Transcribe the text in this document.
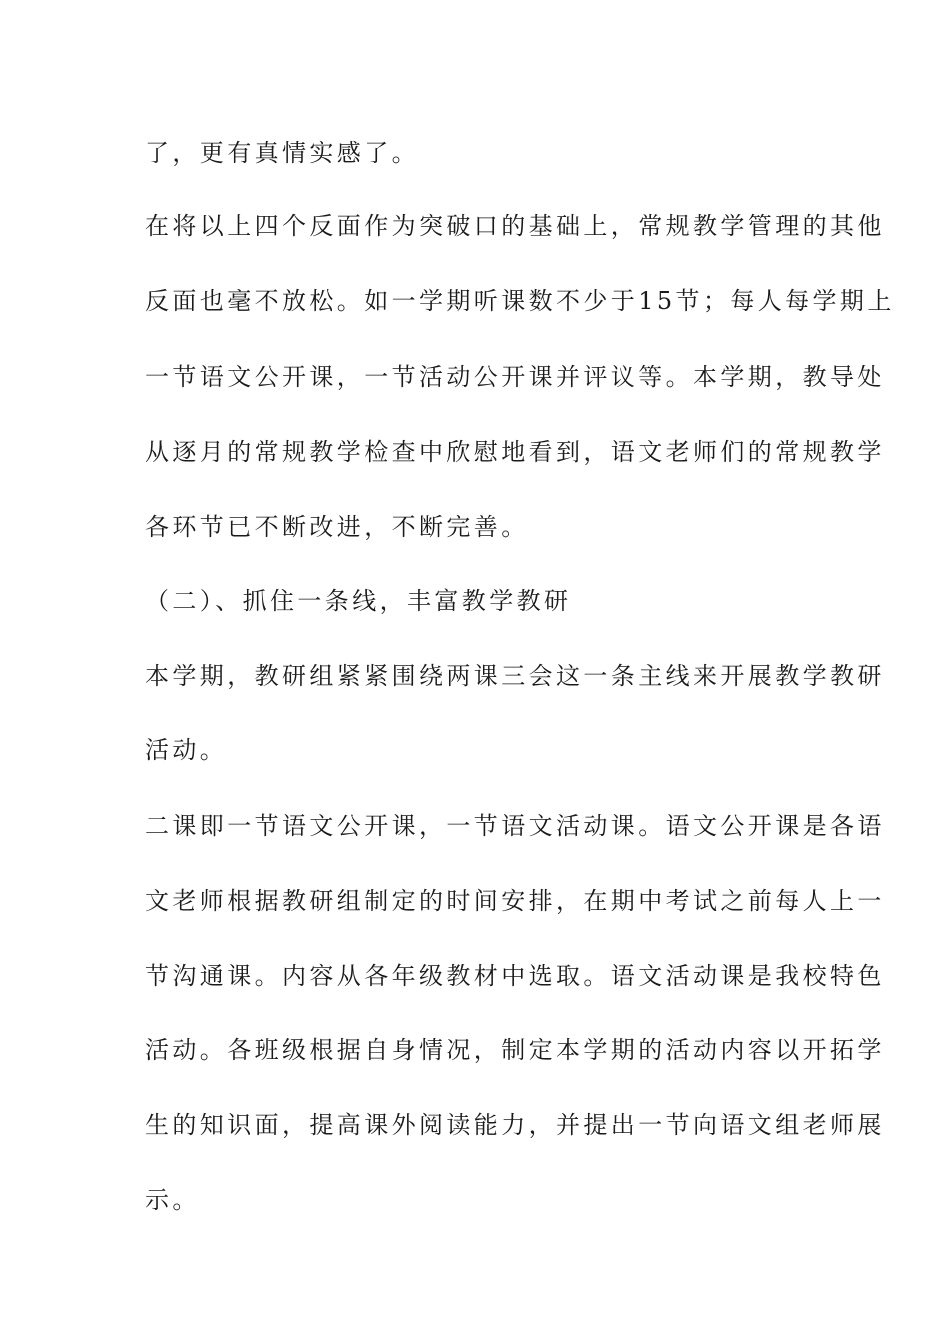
了，更有真情实感了。
在将以上四个反面作为突破口的基础上，常规教学管理的其他
反面也毫不放松。如一学期听课数不少于15节；每人每学期上
一节语文公开课，一节活动公开课并评议等。本学期，教导处
从逐月的常规教学检查中欣慰地看到，语文老师们的常规教学
各环节已不断改进，不断完善。
（二）、抓住一条线，丰富教学教研
本学期，教研组紧紧围绕两课三会这一条主线来开展教学教研
活动。
二课即一节语文公开课，一节语文活动课。语文公开课是各语
文老师根据教研组制定的时间安排，在期中考试之前每人上一
节沟通课。内容从各年级教材中选取。语文活动课是我校特色
活动。各班级根据自身情况，制定本学期的活动内容以开拓学
生的知识面，提高课外阅读能力，并提出一节向语文组老师展
示。
